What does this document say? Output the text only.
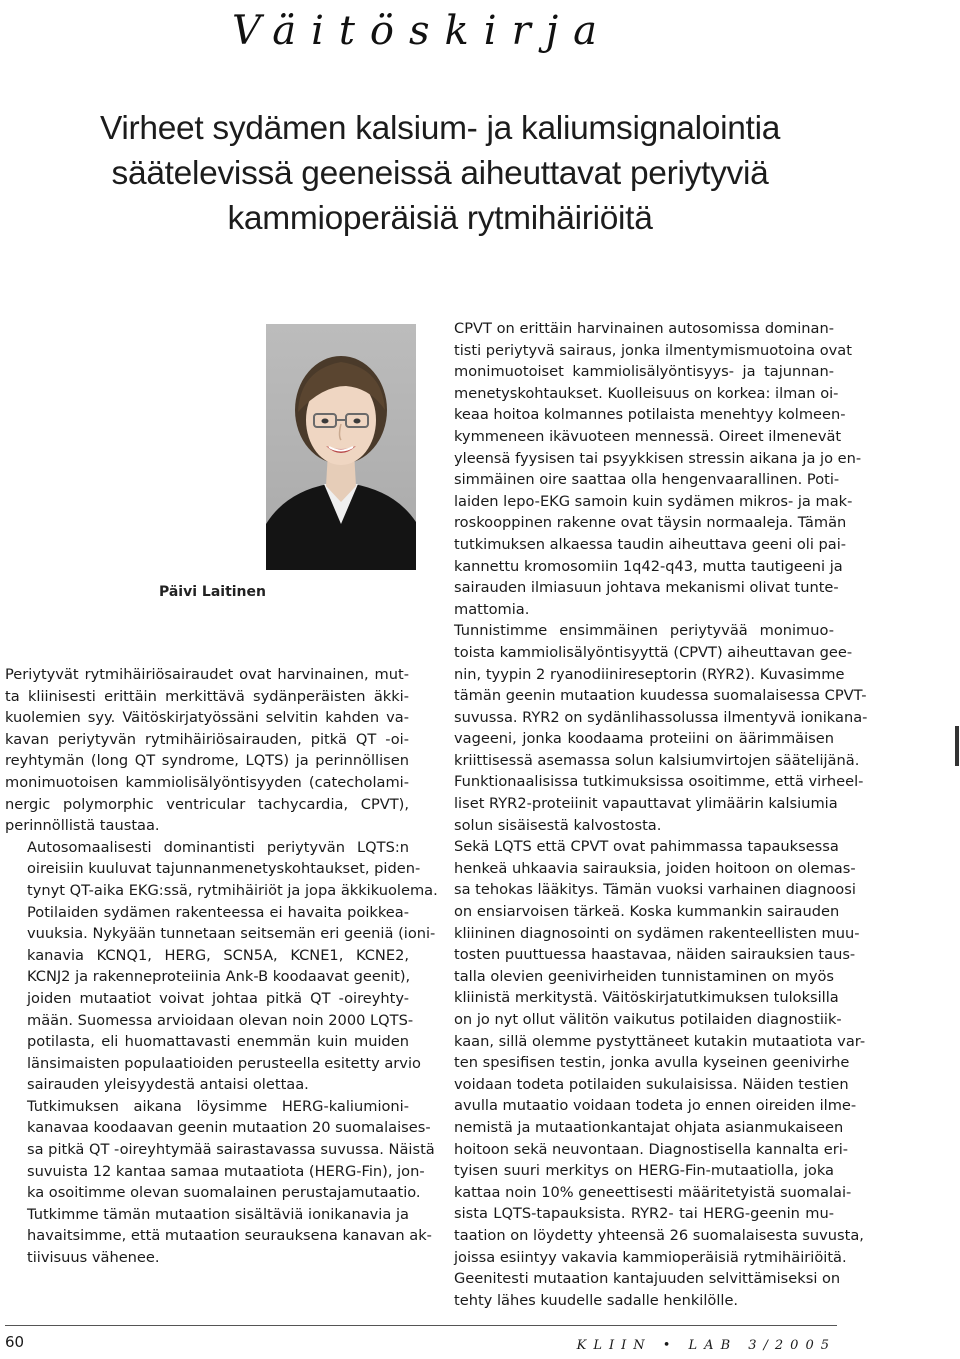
Väitöskirja
Virheet sydämen kalsium- ja kaliumsignalointia
säätelevissä geeneissä aiheuttavat periytyviä
kammioperäisiä rytmihäiriöitä

Päivi Laitinen

Periytyvät rytmihäiriösairaudet ovat harvinainen, mut-
ta kliinisesti erittäin merkittävä sydänperäisten äkki-
kuolemien syy. Väitöskirjatyössäni selvitin kahden va-
kavan periytyvän rytmihäiriösairauden, pitkä QT -oi-
reyhtymän (long QT syndrome, LQTS) ja perinnöllisen
monimuotoisen kammiolisälyöntisyyden (catecholami-
nergic polymorphic ventricular tachycardia, CPVT),
perinnöllistä taustaa.

Autosomaalisesti dominantisti periytyvän LQTS:n
oireisiin kuuluvat tajunnanmenetyskohtaukset, piden-
tynyt QT-aika EKG:ssä, rytmihäiriöt ja jopa äkkikuolema.
Potilaiden sydämen rakenteessa ei havaita poikkea-
vuuksia. Nykyään tunnetaan seitsemän eri geeniä (ioni-
kanavia KCNQ1, HERG, SCN5A, KCNE1, KCNE2,
KCNJ2 ja rakenneproteiinia Ank-B koodaavat geenit),
joiden mutaatiot voivat johtaa pitkä QT -oireyhty-
mään. Suomessa arvioidaan olevan noin 2000 LQTS-
potilasta, eli huomattavasti enemmän kuin muiden
länsimaisten populaatioiden perusteella esitetty arvio
sairauden yleisyydestä antaisi olettaa.

Tutkimuksen aikana löysimme HERG-kaliumioni-
kanavaa koodaavan geenin mutaation 20 suomalaises-
sa pitkä QT -oireyhtymää sairastavassa suvussa. Näistä
suvuista 12 kantaa samaa mutaatiota (HERG-Fin), jon-
ka osoitimme olevan suomalainen perustajamutaatio.
Tutkimme tämän mutaation sisältäviä ionikanavia ja
havaitsimme, että mutaation seurauksena kanavan ak-
tiivisuus vähenee.

CPVT on erittäin harvinainen autosomissa dominan-
tisti periytyvä sairaus, jonka ilmentymismuotoina ovat
monimuotoiset kammiolisälyöntisyys- ja tajunnan-
menetyskohtaukset. Kuolleisuus on korkea: ilman oi-
keaa hoitoa kolmannes potilaista menehtyy kolmeen-
kymmeneen ikävuoteen mennessä. Oireet ilmenevät
yleensä fyysisen tai psyykkisen stressin aikana ja jo en-
simmäinen oire saattaa olla hengenvaarallinen. Poti-
laiden lepo-EKG samoin kuin sydämen mikros- ja mak-
roskooppinen rakenne ovat täysin normaaleja. Tämän
tutkimuksen alkaessa taudin aiheuttava geeni oli pai-
kannettu kromosomiin 1q42-q43, mutta tautigeeni ja
sairauden ilmiasuun johtava mekanismi olivat tunte-
mattomia.

Tunnistimme ensimmäinen periytyvää monimuo-
toista kammiolisälyöntisyyttä (CPVT) aiheuttavan gee-
nin, tyypin 2 ryanodiinireseptorin (RYR2). Kuvasimme
tämän geenin mutaation kuudessa suomalaisessa CPVT-
suvussa. RYR2 on sydänlihassolussa ilmentyvä ionikana-
vageeni, jonka koodaama proteiini on äärimmäisen
kriittisessä asemassa solun kalsiumvirtojen säätelijänä.
Funktionaalisissa tutkimuksissa osoitimme, että virheel-
liset RYR2-proteiinit vapauttavat ylimäärin kalsiumia
solun sisäisestä kalvostosta.

Sekä LQTS että CPVT ovat pahimmassa tapauksessa
henkeä uhkaavia sairauksia, joiden hoitoon on olemas-
sa tehokas lääkitys. Tämän vuoksi varhainen diagnoosi
on ensiarvoisen tärkeä. Koska kummankin sairauden
kliininen diagnosointi on sydämen rakenteellisten muu-
tosten puuttuessa haastavaa, näiden sairauksien taus-
talla olevien geenivirheiden tunnistaminen on myös
kliinistä merkitystä. Väitöskirjatutkimuksen tuloksilla
on jo nyt ollut välitön vaikutus potilaiden diagnostiik-
kaan, sillä olemme pystyttäneet kutakin mutaatiota var-
ten spesifisen testin, jonka avulla kyseinen geenivirhe
voidaan todeta potilaiden sukulaisissa. Näiden testien
avulla mutaatio voidaan todeta jo ennen oireiden ilme-
nemistä ja mutaationkantajat ohjata asianmukaiseen
hoitoon sekä neuvontaan. Diagnostisella kannalta eri-
tyisen suuri merkitys on HERG-Fin-mutaatiolla, joka
kattaa noin 10% geneettisesti määritetyistä suomalai-
sista LQTS-tapauksista. RYR2- tai HERG-geenin mu-
taation on löydetty yhteensä 26 suomalaisesta suvusta,
joissa esiintyy vakavia kammioperäisiä rytmihäiriöitä.
Geenitesti mutaation kantajuuden selvittämiseksi on
tehty lähes kuudelle sadalle henkilölle.

60	KLIIN • LAB 3/2005
